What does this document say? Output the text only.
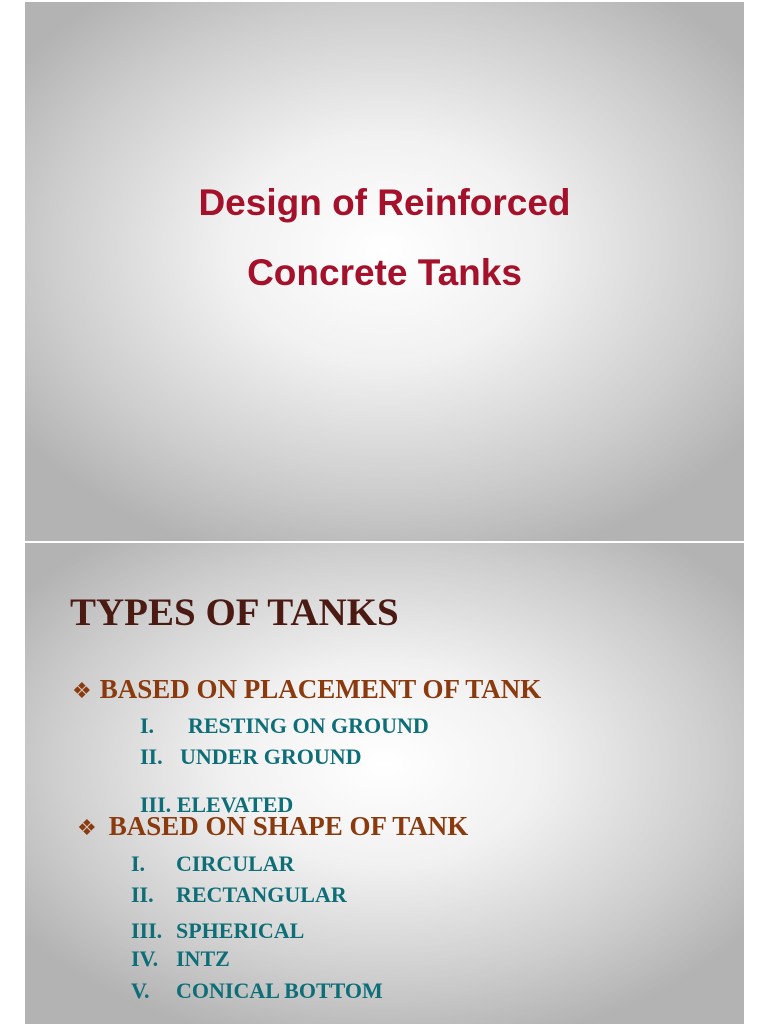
Design of Reinforced
Concrete Tanks
TYPES OF TANKS
❖ BASED ON PLACEMENT OF TANK
I. RESTING ON GROUND
II. UNDER GROUND
III. ELEVATED
❖ BASED ON SHAPE OF TANK
I. CIRCULAR
II. RECTANGULAR
III. SPHERICAL
IV. INTZ
V. CONICAL BOTTOM
